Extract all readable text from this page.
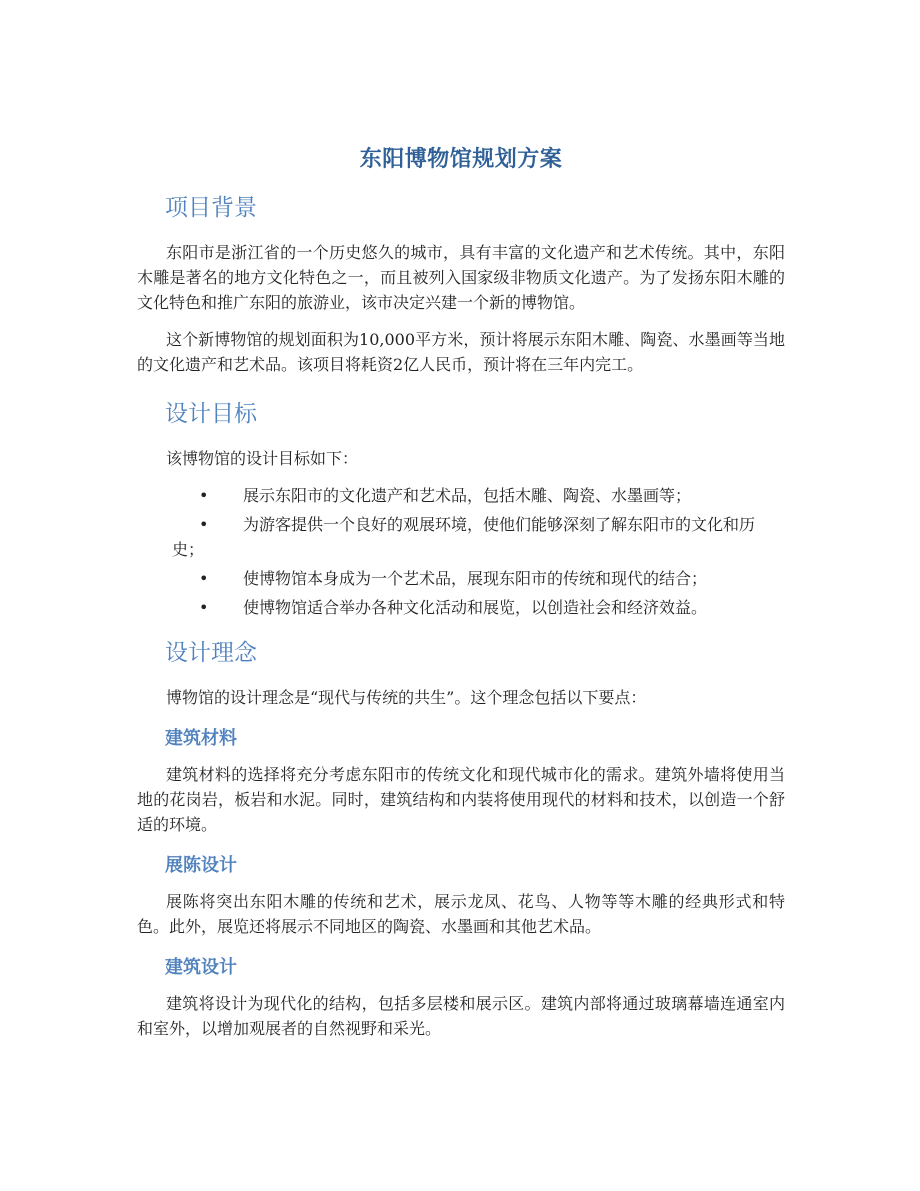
东阳博物馆规划方案
项目背景

东阳市是浙江省的一个历史悠久的城市，具有丰富的文化遗产和艺术传统。其中，东阳木雕是著名的地方文化特色之一，而且被列入国家级非物质文化遗产。为了发扬东阳木雕的文化特色和推广东阳的旅游业，该市决定兴建一个新的博物馆。

这个新博物馆的规划面积为10,000平方米，预计将展示东阳木雕、陶瓷、水墨画等当地的文化遗产和艺术品。该项目将耗资2亿人民币，预计将在三年内完工。

设计目标

该博物馆的设计目标如下：

• 展示东阳市的文化遗产和艺术品，包括木雕、陶瓷、水墨画等；
• 为游客提供一个良好的观展环境，使他们能够深刻了解东阳市的文化和历史；
• 使博物馆本身成为一个艺术品，展现东阳市的传统和现代的结合；
• 使博物馆适合举办各种文化活动和展览，以创造社会和经济效益。
设计理念

博物馆的设计理念是“现代与传统的共生”。这个理念包括以下要点：

建筑材料

建筑材料的选择将充分考虑东阳市的传统文化和现代城市化的需求。建筑外墙将使用当地的花岗岩，板岩和水泥。同时，建筑结构和内装将使用现代的材料和技术，以创造一个舒适的环境。

展陈设计

展陈将突出东阳木雕的传统和艺术，展示龙凤、花鸟、人物等等木雕的经典形式和特色。此外，展览还将展示不同地区的陶瓷、水墨画和其他艺术品。

建筑设计

建筑将设计为现代化的结构，包括多层楼和展示区。建筑内部将通过玻璃幕墙连通室内和室外，以增加观展者的自然视野和采光。
